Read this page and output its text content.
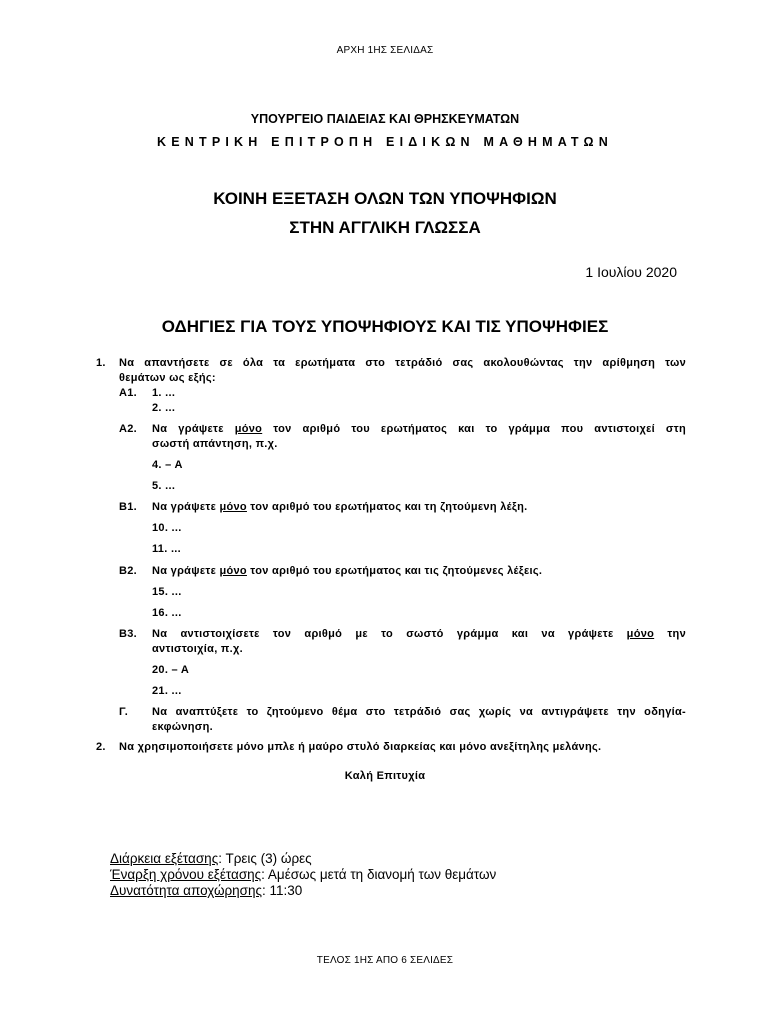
ΑΡΧΗ 1ΗΣ ΣΕΛΙΔΑΣ
ΥΠΟΥΡΓΕΙΟ ΠΑΙΔΕΙΑΣ ΚΑΙ ΘΡΗΣΚΕΥΜΑΤΩΝ
ΚΕΝΤΡΙΚΗ ΕΠΙΤΡΟΠΗ ΕΙΔΙΚΩΝ ΜΑΘΗΜΑΤΩΝ
ΚΟΙΝΗ ΕΞΕΤΑΣΗ ΟΛΩΝ ΤΩΝ ΥΠΟΨΗΦΙΩΝ
ΣΤΗΝ ΑΓΓΛΙΚΗ ΓΛΩΣΣΑ
1 Ιουλίου 2020
ΟΔΗΓΙΕΣ ΓΙΑ ΤΟΥΣ ΥΠΟΨΗΦΙΟΥΣ ΚΑΙ ΤΙΣ ΥΠΟΨΗΦΙΕΣ
1. Να απαντήσετε σε όλα τα ερωτήματα στο τετράδιό σας ακολουθώντας την αρίθμηση των
θεμάτων ως εξής:
Α1. 1. ...
2. ...
Α2. Να γράψετε μόνο τον αριθμό του ερωτήματος και το γράμμα που αντιστοιχεί στη
σωστή απάντηση, π.χ.
4. – Α
5. ...
Β1. Να γράψετε μόνο τον αριθμό του ερωτήματος και τη ζητούμενη λέξη.
10. ...
11. ...
Β2. Να γράψετε μόνο τον αριθμό του ερωτήματος και τις ζητούμενες λέξεις.
15. ...
16. ...
Β3. Να αντιστοιχίσετε τον αριθμό με το σωστό γράμμα και να γράψετε μόνο την
αντιστοιχία, π.χ.
20. – Α
21. ...
Γ. Να αναπτύξετε το ζητούμενο θέμα στο τετράδιό σας χωρίς να αντιγράψετε την οδηγία-
εκφώνηση.
2. Να χρησιμοποιήσετε μόνο μπλε ή μαύρο στυλό διαρκείας και μόνο ανεξίτηλης μελάνης.
Καλή Επιτυχία
Διάρκεια εξέτασης: Τρεις (3) ώρες
Έναρξη χρόνου εξέτασης: Αμέσως μετά τη διανομή των θεμάτων
Δυνατότητα αποχώρησης: 11:30
ΤΕΛΟΣ 1ΗΣ ΑΠΟ 6 ΣΕΛΙΔΕΣ
